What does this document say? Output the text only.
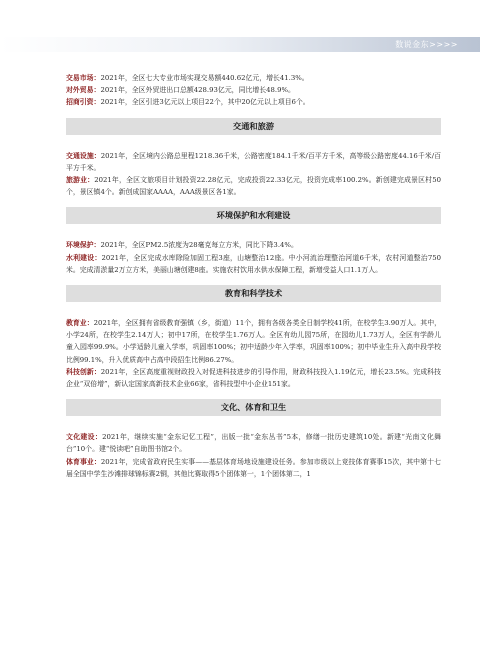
数说金东>>>>

交易市场：2021年，全区七大专业市场实现交易额440.62亿元，增长41.3%。

对外贸易：2021年，全区外贸进出口总额428.93亿元，同比增长48.9%。

招商引资：2021年，全区引进3亿元以上项目22个，其中20亿元以上项目6个。

交通和旅游

交通设施：2021年，全区境内公路总里程1218.36千米，公路密度184.1千米/百平方千米，高等级公路密度44.16千米/百平方千米。

旅游业：2021年，全区文旅项目计划投资22.28亿元，完成投资22.33亿元，投资完成率100.2%。新创建完成景区村50个，景区镇4个。新创成国家AAAA，AAA级景区各1家。

环境保护和水利建设

环境保护：2021年，全区PM2.5浓度为28毫克每立方米，同比下降3.4%。

水利建设：2021年，全区完成水库除险加固工程3座，山塘整治12座。中小河流治理整治河道6千米，农村河道整治750米。完成清淤量2万立方米，美丽山塘创建8座。实施农村饮用水供水保障工程，新增受益人口1.1万人。

教育和科学技术

教育业：2021年，全区拥有省级教育强镇（乡，街道）11个，拥有各级各类全日制学校41所，在校学生3.90万人。其中，小学24所，在校学生2.14万人；初中17所，在校学生1.76万人。全区有幼儿园75所，在园幼儿1.73万人，全区有学龄儿童入园率99.9%。小学适龄儿童入学率，巩固率100%；初中适龄少年入学率，巩固率100%；初中毕业生升入高中段学校比例99.1%，升入优质高中占高中段招生比例86.27%。

科技创新：2021年，全区高度重视财政投入对促进科技进步的引导作用，财政科技投入1.19亿元，增长23.5%。完成科技企业“双倍增”，新认定国家高新技术企业66家，省科技型中小企业151家。

文化、体育和卫生

文化建设：2021年，继续实施“金东记忆工程”，出版一批“金东丛书”5本，修缮一批历史建筑10处。新建“光南文化舞台”10个。建“悦读吧”自助图书馆2个。

体育事业：2021年，完成省政府民生实事——基层体育场地设施建设任务。参加市级以上竞技体育赛事15次，其中第十七届全国中学生沙滩排球锦标赛2铜，其他比赛取得5个团体第一，1个团体第二，1
